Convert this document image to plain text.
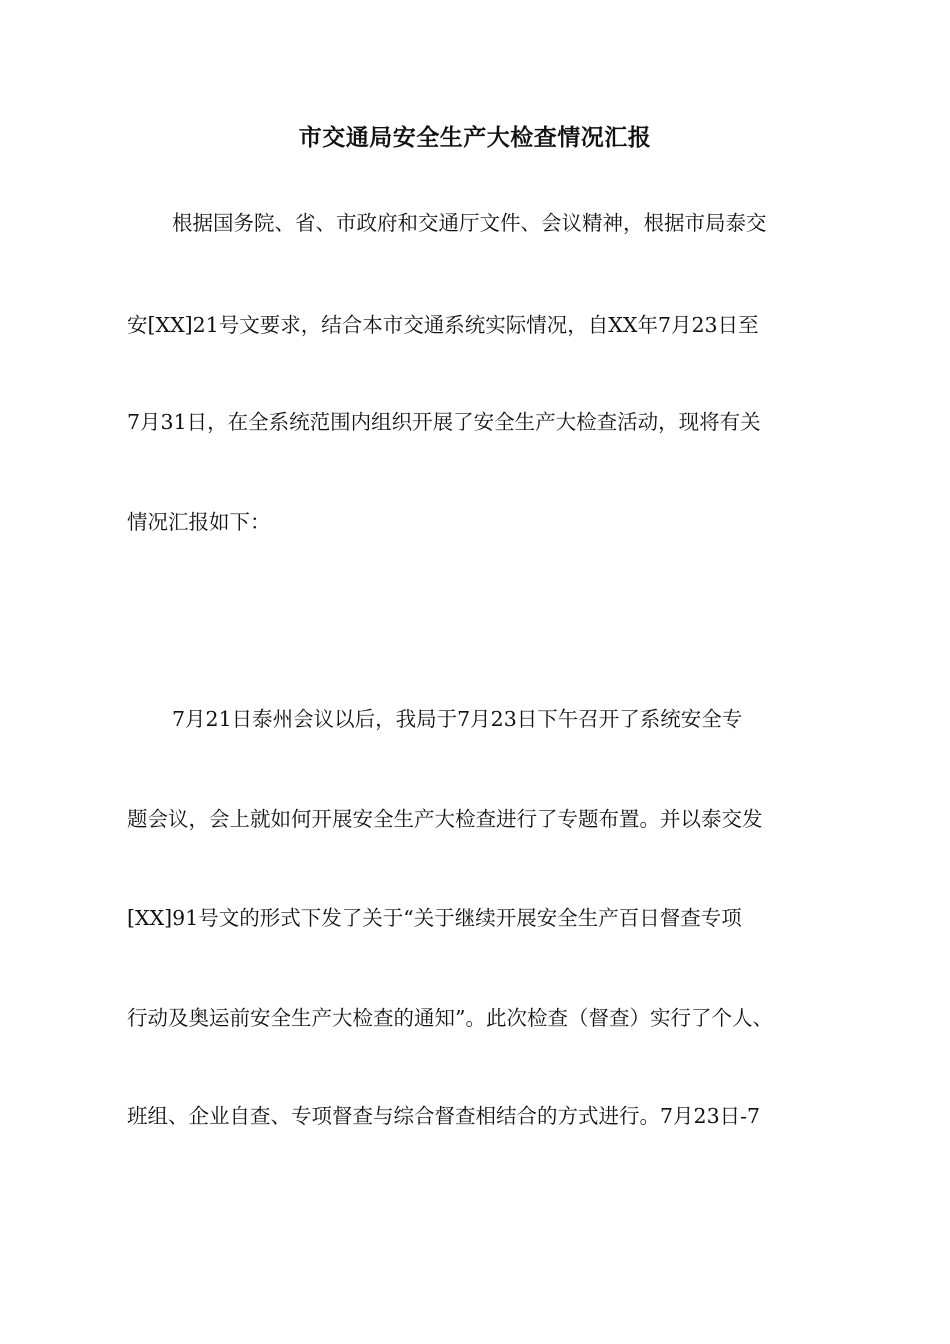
市交通局安全生产大检查情况汇报
根据国务院、省、市政府和交通厅文件、会议精神，根据市局泰交
安[XX]21号文要求，结合本市交通系统实际情况，自XX年7月23日至
7月31日，在全系统范围内组织开展了安全生产大检查活动，现将有关
情况汇报如下：
7月21日泰州会议以后，我局于7月23日下午召开了系统安全专
题会议，会上就如何开展安全生产大检查进行了专题布置。并以泰交发
[XX]91号文的形式下发了关于“关于继续开展安全生产百日督查专项
行动及奥运前安全生产大检查的通知”。此次检查（督查）实行了个人、
班组、企业自查、专项督查与综合督查相结合的方式进行。7月23日-7
